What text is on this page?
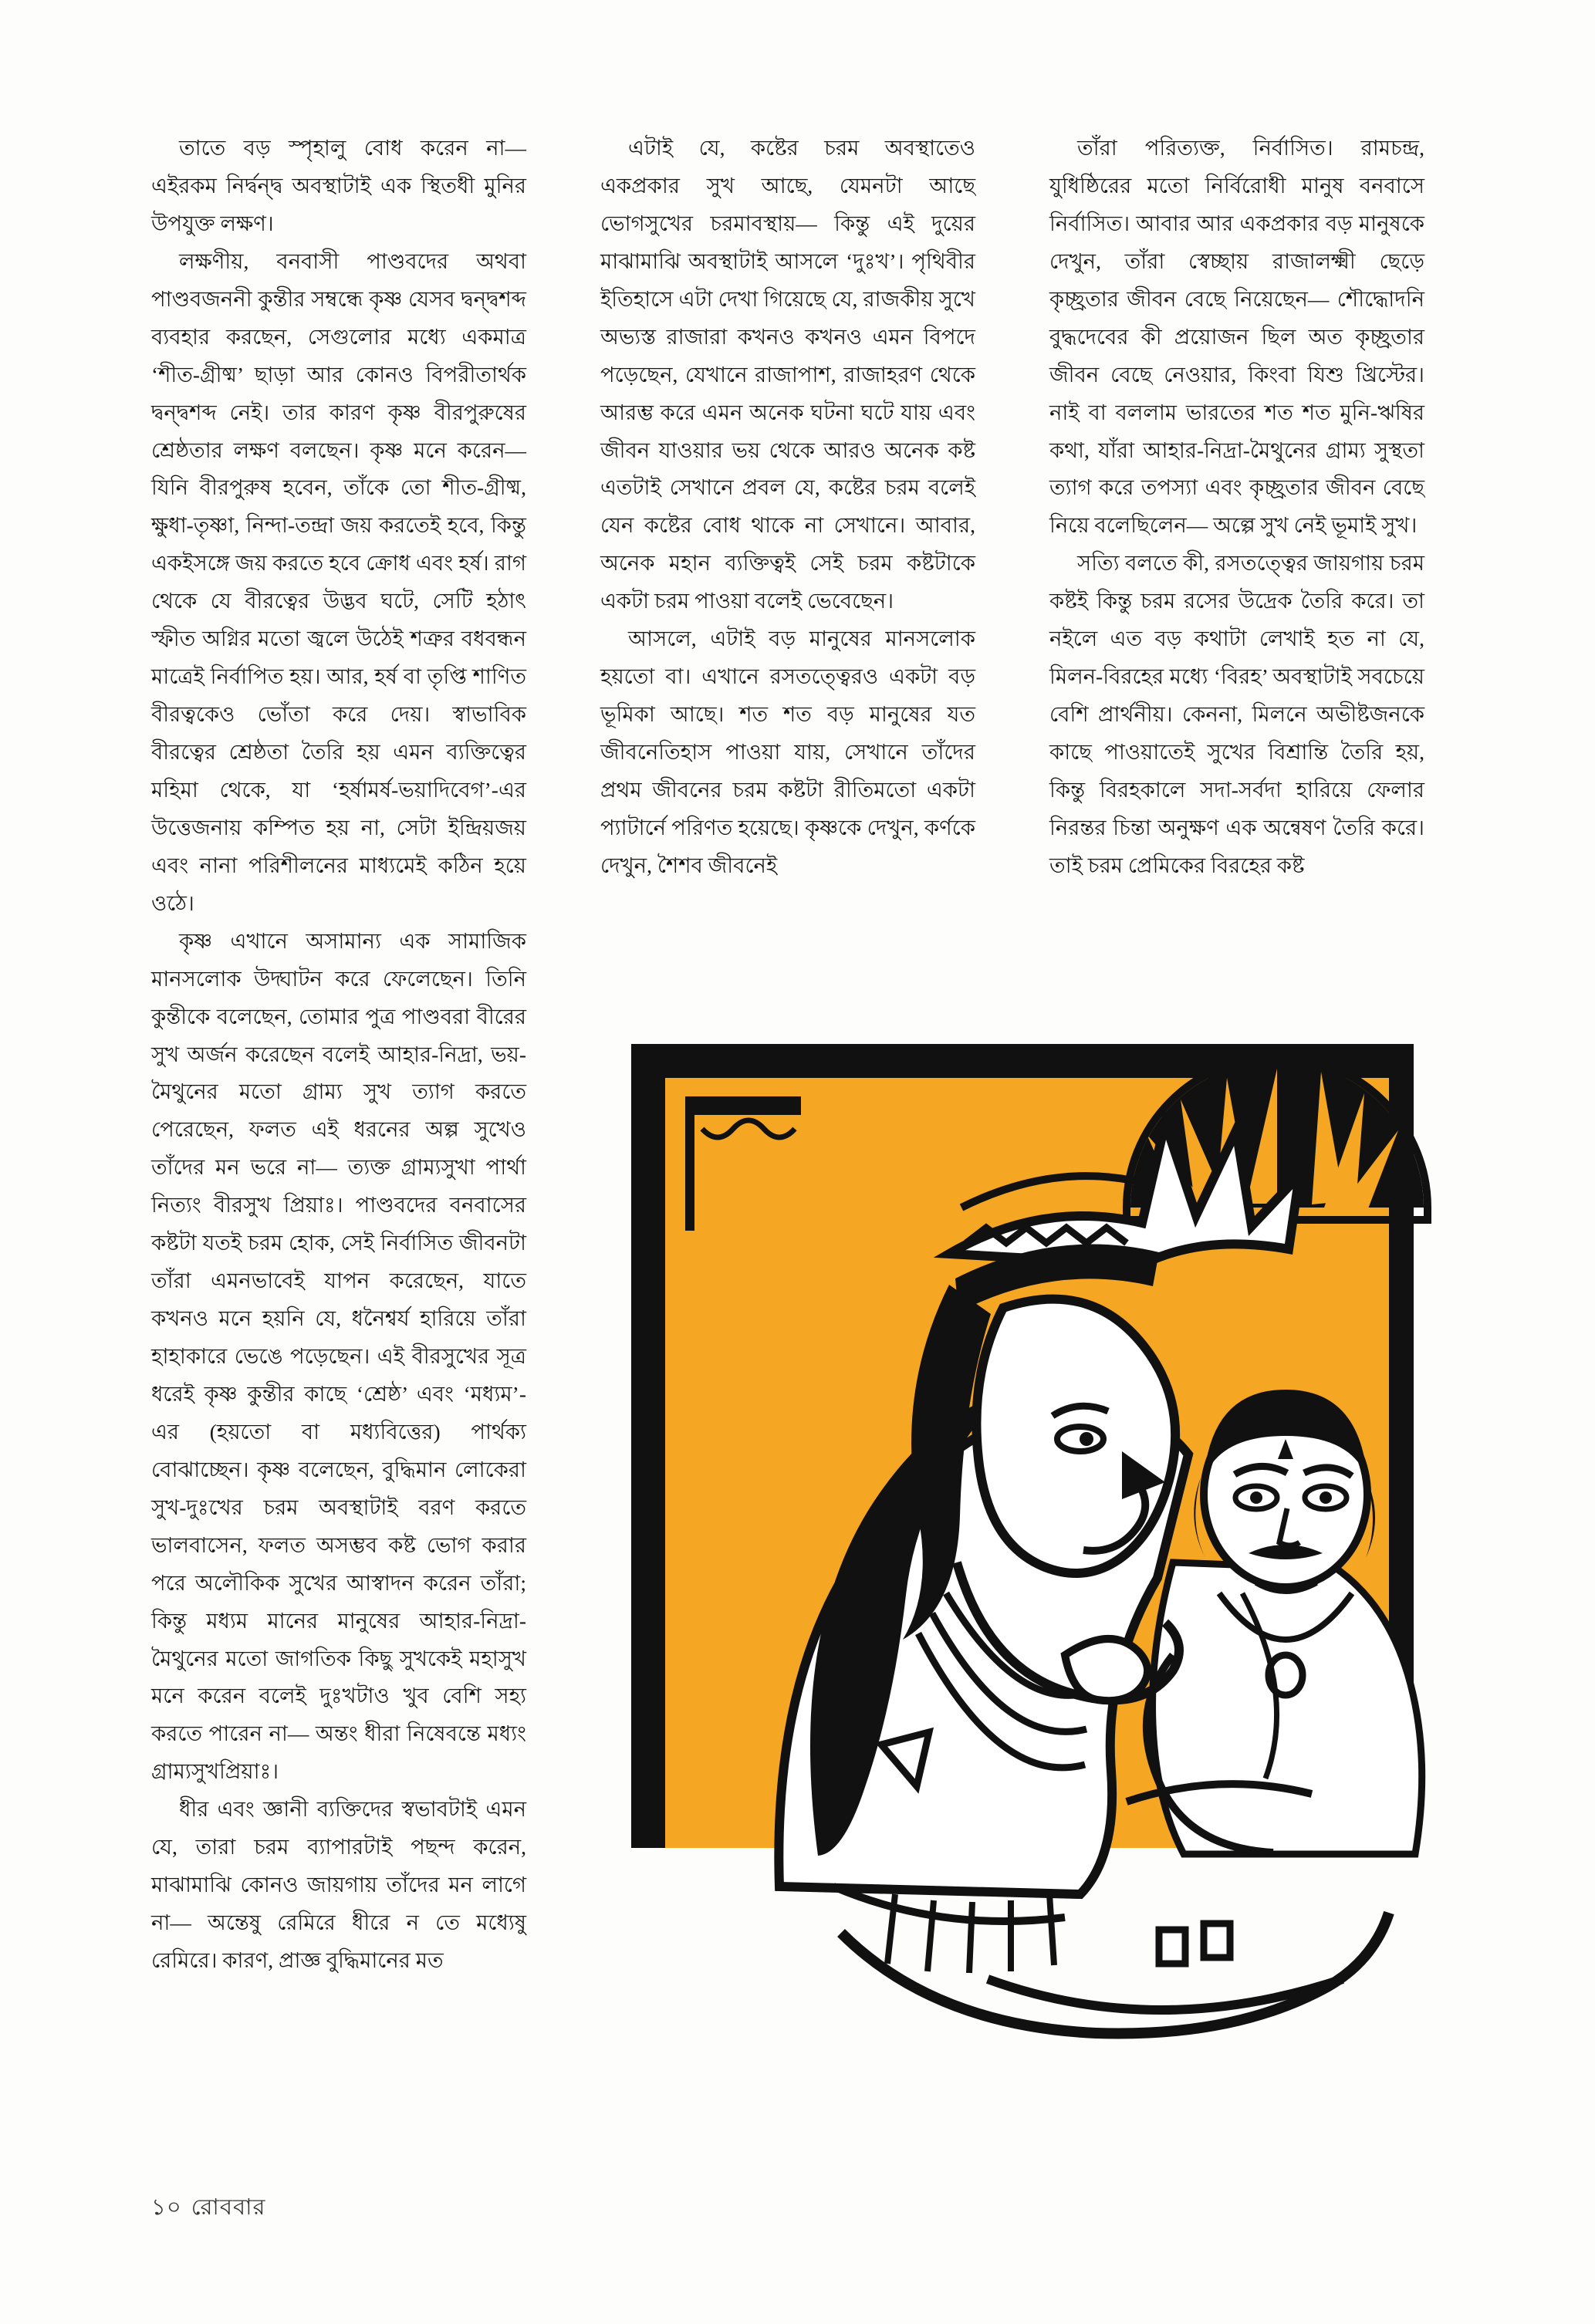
তাতে বড় স্পৃহালু বোধ করেন না— এইরকম নির্দ্বন্দ্ব অবস্থাটাই এক স্থিতধী মুনির উপযুক্ত লক্ষণ।

লক্ষণীয়, বনবাসী পাণ্ডবদের অথবা পাণ্ডবজননী কুন্তীর সম্বন্ধে কৃষ্ণ যেসব দ্বন্দ্বশব্দ ব্যবহার করছেন, সেগুলোর মধ্যে একমাত্র ‘শীত-গ্রীষ্ম’ ছাড়া আর কোনও বিপরীতার্থক দ্বন্দ্বশব্দ নেই। তার কারণ কৃষ্ণ বীরপুরুষের শ্রেষ্ঠতার লক্ষণ বলছেন। কৃষ্ণ মনে করেন— যিনি বীরপুরুষ হবেন, তাঁকে তো শীত-গ্রীষ্ম, ক্ষুধা-তৃষ্ণা, নিন্দা-তন্দ্রা জয় করতেই হবে, কিন্তু একইসঙ্গে জয় করতে হবে ক্রোধ এবং হর্ষ। রাগ থেকে যে বীরত্বের উদ্ভব ঘটে, সেটি হঠাৎ স্ফীত অগ্নির মতো জ্বলে উঠেই শত্রুর বধবন্ধন মাত্রেই নির্বাপিত হয়। আর, হর্ষ বা তৃপ্তি শাণিত বীরত্বকেও ভোঁতা করে দেয়। স্বাভাবিক বীরত্বের শ্রেষ্ঠতা তৈরি হয় এমন ব্যক্তিত্বের মহিমা থেকে, যা ‘হর্ষামর্ষ-ভয়াদিবেগ’-এর উত্তেজনায় কম্পিত হয় না, সেটা ইন্দ্রিয়জয় এবং নানা পরিশীলনের মাধ্যমেই কঠিন হয়ে ওঠে।

কৃষ্ণ এখানে অসামান্য এক সামাজিক মানসলোক উদ্ঘাটন করে ফেলেছেন। তিনি কুন্তীকে বলেছেন, তোমার পুত্র পাণ্ডবরা বীরের সুখ অর্জন করেছেন বলেই আহার-নিদ্রা, ভয়-মৈথুনের মতো গ্রাম্য সুখ ত্যাগ করতে পেরেছেন, ফলত এই ধরনের অল্প সুখেও তাঁদের মন ভরে না— ত্যক্ত গ্রাম্যসুখা পার্থা নিত্যং বীরসুখ প্রিয়াঃ। পাণ্ডবদের বনবাসের কষ্টটা যতই চরম হোক, সেই নির্বাসিত জীবনটা তাঁরা এমনভাবেই যাপন করেছেন, যাতে কখনও মনে হয়নি যে, ধনৈশ্বর্য হারিয়ে তাঁরা হাহাকারে ভেঙে পড়েছেন। এই বীরসুখের সূত্র ধরেই কৃষ্ণ কুন্তীর কাছে ‘শ্রেষ্ঠ’ এবং ‘মধ্যম’-এর (হয়তো বা মধ্যবিত্তের) পার্থক্য বোঝাচ্ছেন। কৃষ্ণ বলেছেন, বুদ্ধিমান লোকেরা সুখ-দুঃখের চরম অবস্থাটাই বরণ করতে ভালবাসেন, ফলত অসম্ভব কষ্ট ভোগ করার পরে অলৌকিক সুখের আস্বাদন করেন তাঁরা; কিন্তু মধ্যম মানের মানুষের আহার-নিদ্রা-মৈথুনের মতো জাগতিক কিছু সুখকেই মহাসুখ মনে করেন বলেই দুঃখটাও খুব বেশি সহ্য করতে পারেন না— অন্তং ধীরা নিষেবন্তে মধ্যং গ্রাম্যসুখপ্রিয়াঃ।

ধীর এবং জ্ঞানী ব্যক্তিদের স্বভাবটাই এমন যে, তারা চরম ব্যাপারটাই পছন্দ করেন, মাঝামাঝি কোনও জায়গায় তাঁদের মন লাগে না— অন্তেষু রেমিরে ধীরে ন তে মধ্যেষু রেমিরে। কারণ, প্রাজ্ঞ বুদ্ধিমানের মত

এটাই যে, কষ্টের চরম অবস্থাতেও একপ্রকার সুখ আছে, যেমনটা আছে ভোগসুখের চরমাবস্থায়— কিন্তু এই দুয়ের মাঝামাঝি অবস্থাটাই আসলে ‘দুঃখ’। পৃথিবীর ইতিহাসে এটা দেখা গিয়েছে যে, রাজকীয় সুখে অভ্যস্ত রাজারা কখনও কখনও এমন বিপদে পড়েছেন, যেখানে রাজাপাশ, রাজাহরণ থেকে আরম্ভ করে এমন অনেক ঘটনা ঘটে যায় এবং জীবন যাওয়ার ভয় থেকে আরও অনেক কষ্ট এতটাই সেখানে প্রবল যে, কষ্টের চরম বলেই যেন কষ্টের বোধ থাকে না সেখানে। আবার, অনেক মহান ব্যক্তিত্বই সেই চরম কষ্টটাকে একটা চরম পাওয়া বলেই ভেবেছেন।

আসলে, এটাই বড় মানুষের মানসলোক হয়তো বা। এখানে রসতত্ত্বেরও একটা বড় ভূমিকা আছে। শত শত বড় মানুষের যত জীবনেতিহাস পাওয়া যায়, সেখানে তাঁদের প্রথম জীবনের চরম কষ্টটা রীতিমতো একটা প্যাটার্নে পরিণত হয়েছে। কৃষ্ণকে দেখুন, কর্ণকে দেখুন, শৈশব জীবনেই

তাঁরা পরিত্যক্ত, নির্বাসিত। রামচন্দ্র, যুধিষ্ঠিরের মতো নির্বিরোধী মানুষ বনবাসে নির্বাসিত। আবার আর একপ্রকার বড় মানুষকে দেখুন, তাঁরা স্বেচ্ছায় রাজালক্ষ্মী ছেড়ে কৃচ্ছ্রতার জীবন বেছে নিয়েছেন— শৌদ্ধোদনি বুদ্ধদেবের কী প্রয়োজন ছিল অত কৃচ্ছ্রতার জীবন বেছে নেওয়ার, কিংবা যিশু খ্রিস্টের। নাই বা বললাম ভারতের শত শত মুনি-ঋষির কথা, যাঁরা আহার-নিদ্রা-মৈথুনের গ্রাম্য সুস্থতা ত্যাগ করে তপস্যা এবং কৃচ্ছ্রতার জীবন বেছে নিয়ে বলেছিলেন— অল্পে সুখ নেই ভূমাই সুখ।

সত্যি বলতে কী, রসতত্ত্বের জায়গায় চরম কষ্টই কিন্তু চরম রসের উদ্রেক তৈরি করে। তা নইলে এত বড় কথাটা লেখাই হত না যে, মিলন-বিরহের মধ্যে ‘বিরহ’ অবস্থাটাই সবচেয়ে বেশি প্রার্থনীয়। কেননা, মিলনে অভীষ্টজনকে কাছে পাওয়াতেই সুখের বিশ্রান্তি তৈরি হয়, কিন্তু বিরহকালে সদা-সর্বদা হারিয়ে ফেলার নিরন্তর চিন্তা অনুক্ষণ এক অন্বেষণ তৈরি করে। তাই চরম প্রেমিকের বিরহের কষ্ট

১০ রোববার
